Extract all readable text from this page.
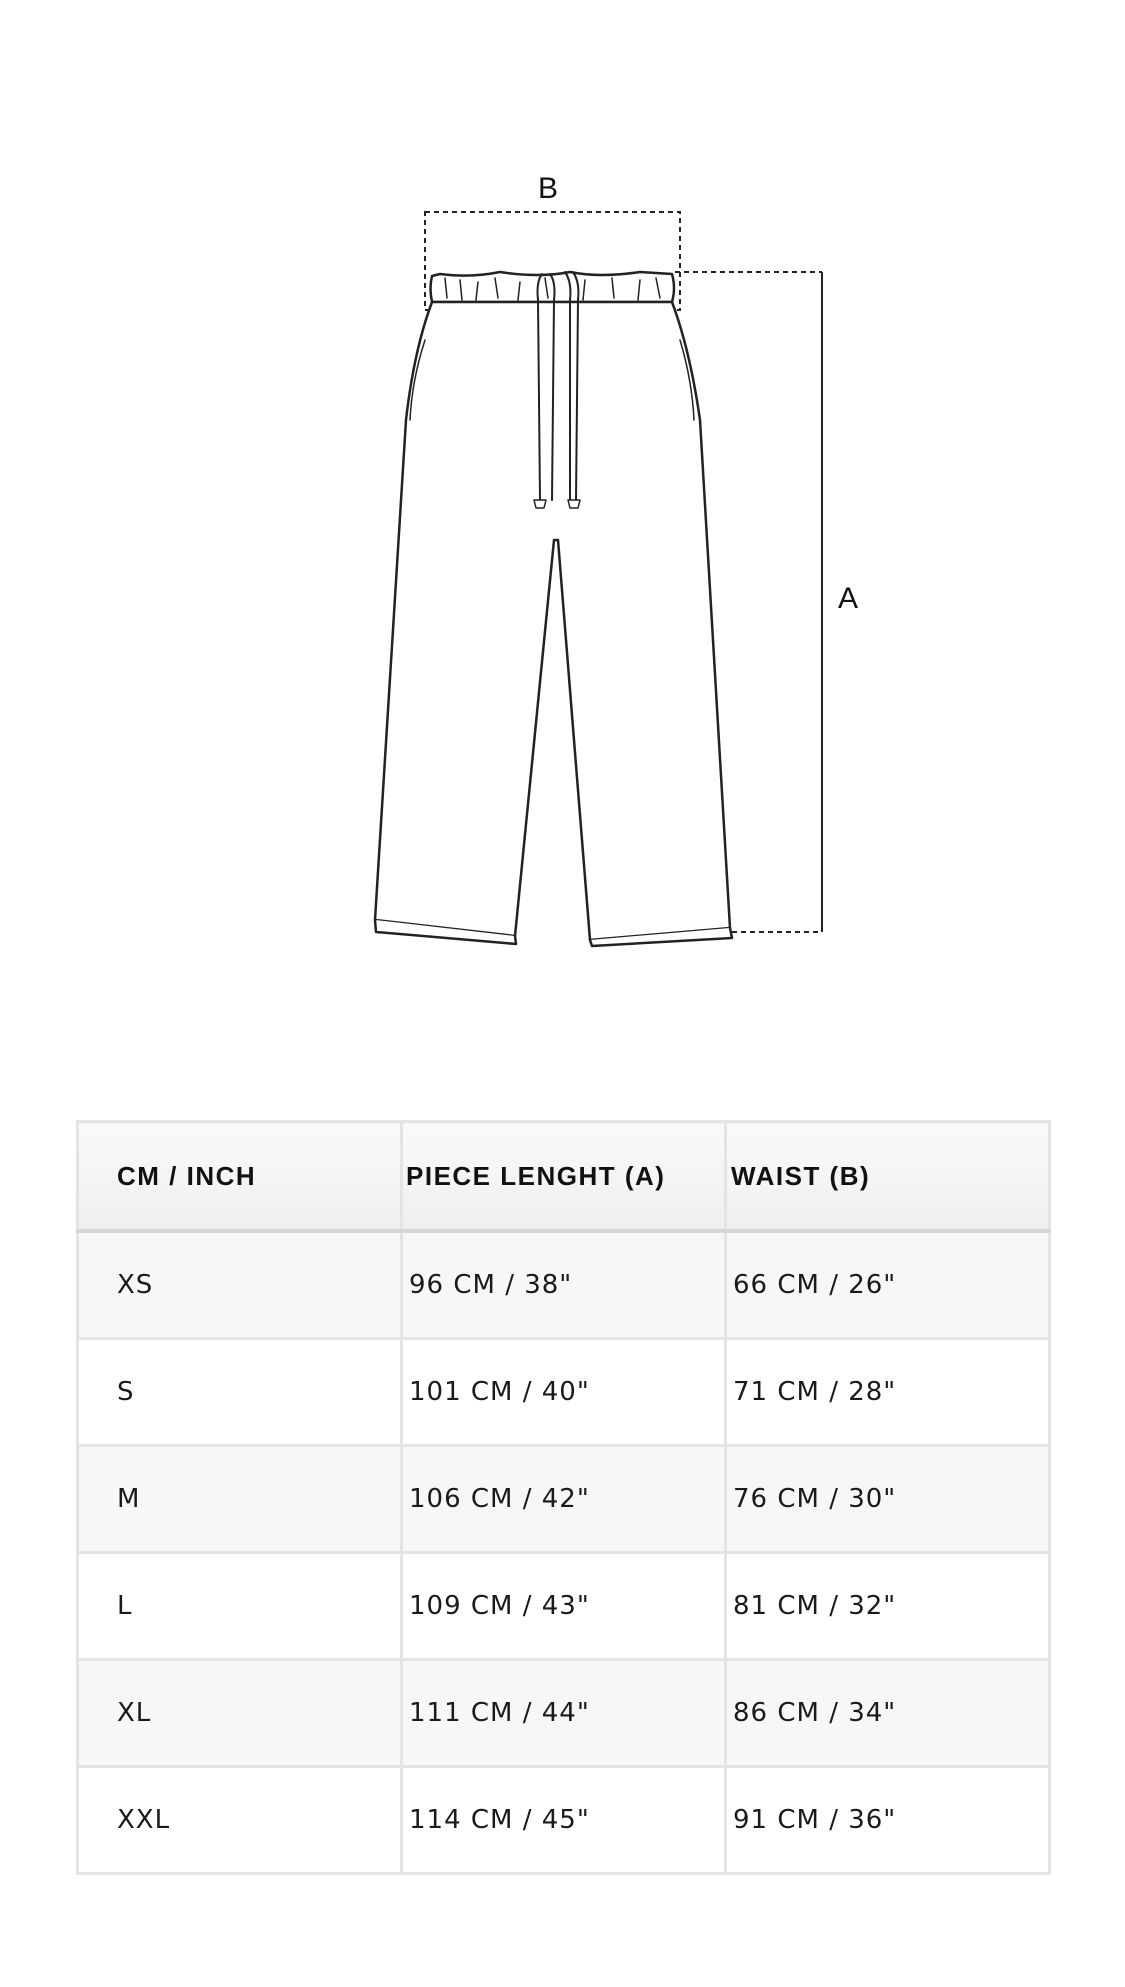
B
A
CM / INCH	PIECE LENGHT (A)	WAIST (B)
XS	96 CM / 38"	66 CM / 26"
S	101 CM / 40"	71 CM / 28"
M	106 CM / 42"	76 CM / 30"
L	109 CM / 43"	81 CM / 32"
XL	111 CM / 44"	86 CM / 34"
XXL	114 CM / 45"	91 CM / 36"
